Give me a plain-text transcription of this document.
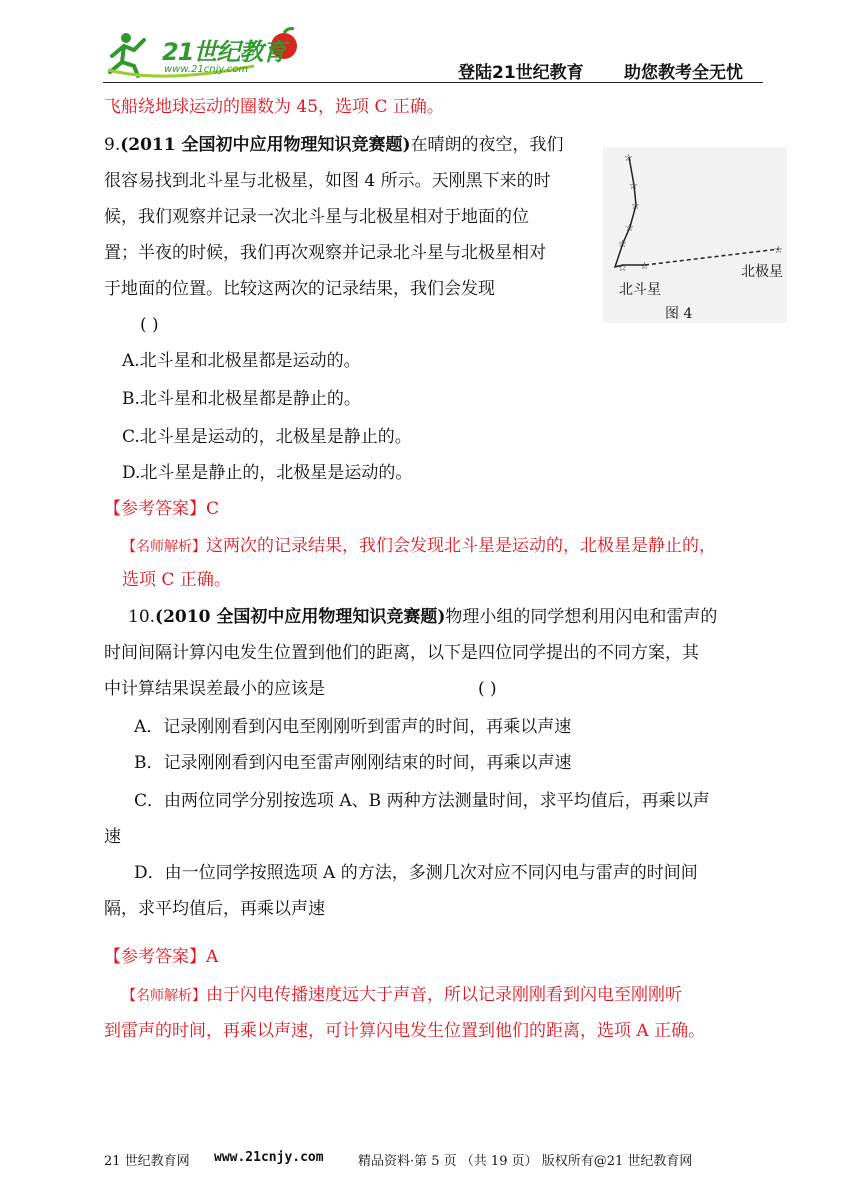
21世纪教育
www.21cnjy.com	登陆21世纪教育 助您教考全无忧
飞船绕地球运动的圈数为 45，选项 C 正确。
9.(2011 全国初中应用物理知识竞赛题)在晴朗的夜空，我们
很容易找到北斗星与北极星，如图 4 所示。天刚黑下来的时
候，我们观察并记录一次北斗星与北极星相对于地面的位
置；半夜的时候，我们再次观察并记录北斗星与北极星相对
于地面的位置。比较这两次的记录结果，我们会发现
( )
☆
☆
☆
☆
☆
☆ ☆
☆
北极星
北斗星
图 4
A.北斗星和北极星都是运动的。
B.北斗星和北极星都是静止的。
C.北斗星是运动的，北极星是静止的。
D.北斗星是静止的，北极星是运动的。
【参考答案】C
【名师解析】这两次的记录结果，我们会发现北斗星是运动的，北极星是静止的，
选项 C 正确。
10.(2010 全国初中应用物理知识竞赛题)物理小组的同学想利用闪电和雷声的
时间间隔计算闪电发生位置到他们的距离，以下是四位同学提出的不同方案，其
中计算结果误差最小的应该是	( )
A．记录刚刚看到闪电至刚刚听到雷声的时间，再乘以声速
B．记录刚刚看到闪电至雷声刚刚结束的时间，再乘以声速
C．由两位同学分别按选项 A、B 两种方法测量时间，求平均值后，再乘以声
速
D．由一位同学按照选项 A 的方法，多测几次对应不同闪电与雷声的时间间
隔，求平均值后，再乘以声速
【参考答案】A
【名师解析】由于闪电传播速度远大于声音，所以记录刚刚看到闪电至刚刚听
到雷声的时间，再乘以声速，可计算闪电发生位置到他们的距离，选项 A 正确。
21 世纪教育网 www.21cnjy.com	精品资料·第 5 页 （共 19 页） 版权所有@21 世纪教育网
